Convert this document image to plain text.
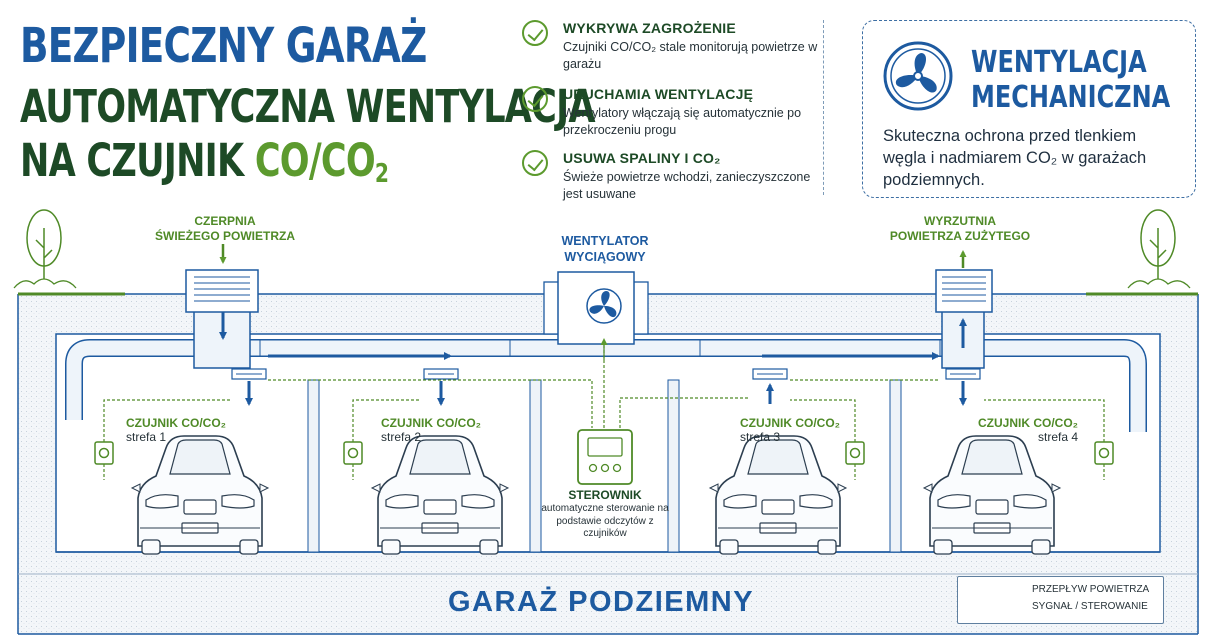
BEZPIECZNY GARAŻ
AUTOMATYCZNA WENTYLACJA
NA CZUJNIK $CO/CO_2$
WYKRYWA ZAGROŻENIE
Czujniki CO/CO₂ stale monitorują powietrze w garażu
URUCHAMIA WENTYLACJĘ
Wentylatory włączają się automatycznie po przekroczeniu progu
USUWA SPALINY I CO₂
Świeże powietrze wchodzi, zanieczyszczone jest usuwane
WENTYLACJA
MECHANICZNA
Skuteczna ochrona przed tlenkiem węgla i nadmiarem CO₂ w garażach podziemnych.
CZERPNIA
ŚWIEŻEGO POWIETRZA	WENTYLATOR
WYCIĄGOWY
WYRZUTNIA
POWIETRZA ZUŻYTEGO
CZUJNIK CO/CO₂
strefa 1
CZUJNIK CO/CO₂
strefa 2
CZUJNIK CO/CO₂
strefa 3
CZUJNIK CO/CO₂
strefa 4
STEROWNIK
automatyczne sterowanie na podstawie odczytów z czujników
GARAŻ PODZIEMNY	PRZEPŁYW POWIETRZA
SYGNAŁ / STEROWANIE
